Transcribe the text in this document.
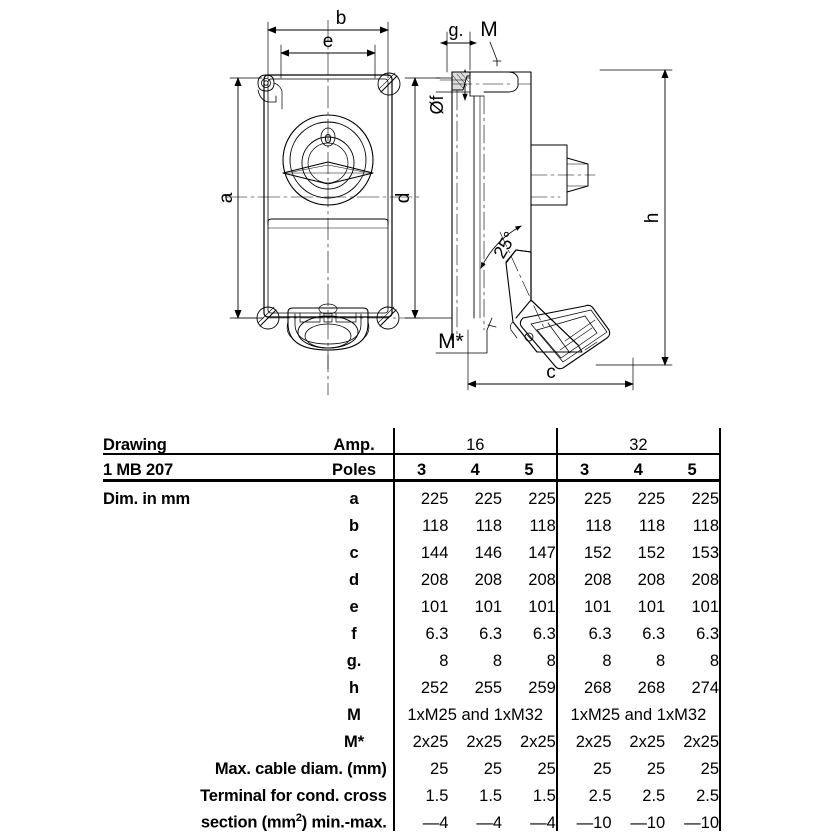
b
e
a
0
g. M
Øf
d
25°
M*
c
h
Drawing	Amp.	16			32		
1 MB 207	Poles	3	4	5	3	4	5
Dim. in mm	a	225	225	225	225	225	225
	b	118	118	118	118	118	118
	c	144	146	147	152	152	153
	d	208	208	208	208	208	208
	e	101	101	101	101	101	101
	f	6.3	6.3	6.3	6.3	6.3	6.3
	g.	8	8	8	8	8	8
	h	252	255	259	268	268	274
	M	1xM25 and 1xM32			1xM25 and 1xM32		
	M*	2x25	2x25	2x25	2x25	2x25	2x25
Max. cable diam. (mm)		25	25	25	25	25	25
Terminal for cond. cross		1.5	1.5	1.5	2.5	2.5	2.5
section $(mm^2)$ min.-max.		—4	—4	—4	—10	—10	—10
